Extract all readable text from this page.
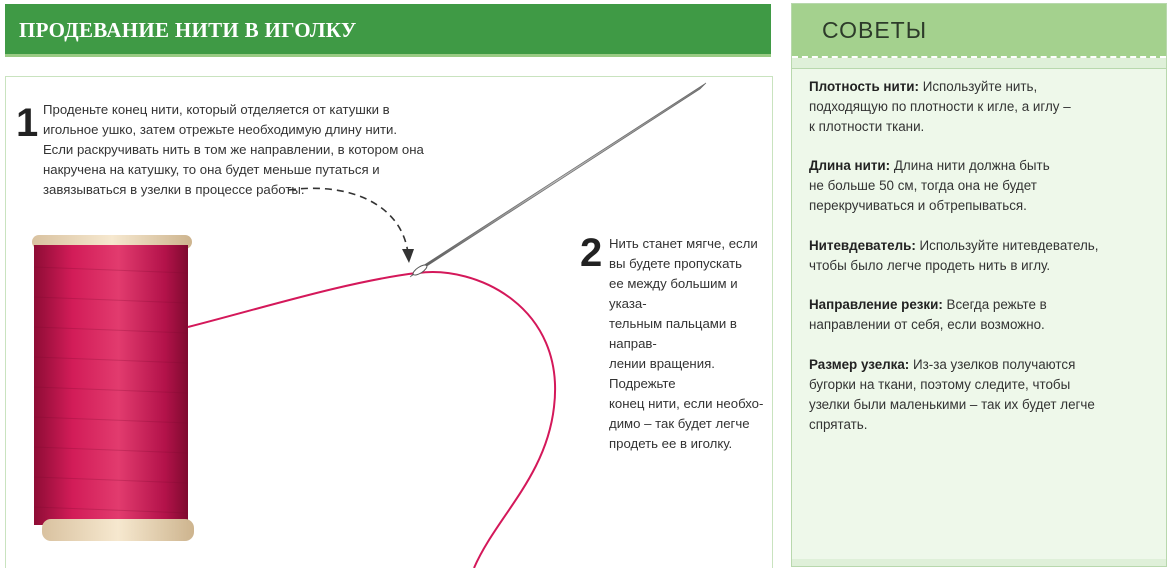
ПРОДЕВАНИЕ НИТИ В ИГОЛКУ
1 Проденьте конец нити, который отделяется от катушки в
игольное ушко, затем отрежьте необходимую длину нити.
Если раскручивать нить в том же направлении, в котором она
накручена на катушку, то она будет меньше путаться и
завязываться в узелки в процессе работы.
2 Нить станет мягче, если
вы будете пропускать
ее между большим и указа-
тельным пальцами в направ-
лении вращения. Подрежьте
конец нити, если необхо-
димо – так будет легче
продеть ее в иголку.
СОВЕТЫ
Плотность нити: Используйте нить,
подходящую по плотности к игле, а иглу –
к плотности ткани.
Длина нити: Длина нити должна быть
не больше 50 см, тогда она не будет
перекручиваться и обтрепываться.
Нитевдеватель: Используйте нитевдеватель,
чтобы было легче продеть нить в иглу.
Направление резки: Всегда режьте в
направлении от себя, если возможно.
Размер узелка: Из-за узелков получаются
бугорки на ткани, поэтому следите, чтобы
узелки были маленькими – так их будет легче
спрятать.
